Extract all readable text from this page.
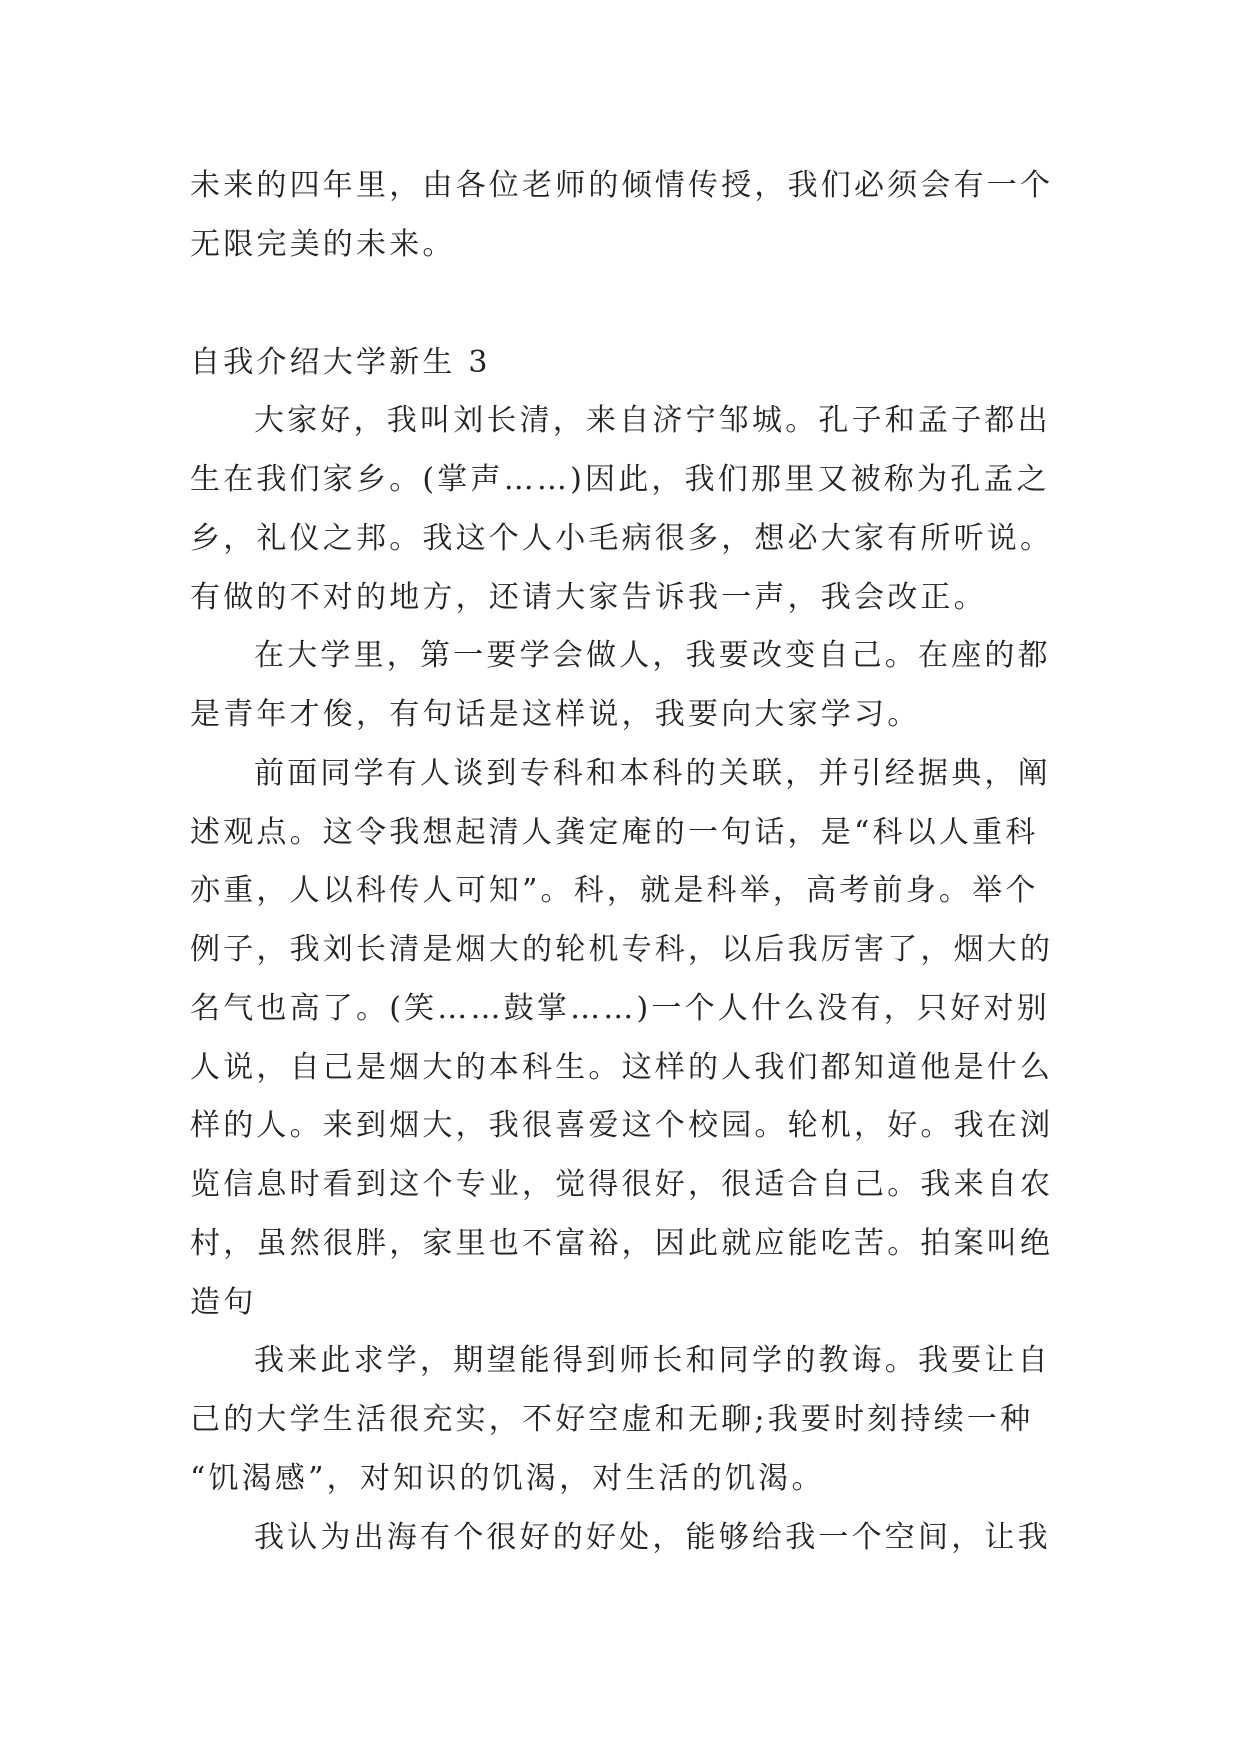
未来的四年里，由各位老师的倾情传授，我们必须会有一个
无限完美的未来。
自我介绍大学新生 3
大家好，我叫刘长清，来自济宁邹城。孔子和孟子都出
生在我们家乡。(掌声……)因此，我们那里又被称为孔孟之
乡，礼仪之邦。我这个人小毛病很多，想必大家有所听说。
有做的不对的地方，还请大家告诉我一声，我会改正。
在大学里，第一要学会做人，我要改变自己。在座的都
是青年才俊，有句话是这样说，我要向大家学习。
前面同学有人谈到专科和本科的关联，并引经据典，阐
述观点。这令我想起清人龚定庵的一句话，是“科以人重科
亦重，人以科传人可知”。科，就是科举，高考前身。举个
例子，我刘长清是烟大的轮机专科，以后我厉害了，烟大的
名气也高了。(笑……鼓掌……)一个人什么没有，只好对别
人说，自己是烟大的本科生。这样的人我们都知道他是什么
样的人。来到烟大，我很喜爱这个校园。轮机，好。我在浏
览信息时看到这个专业，觉得很好，很适合自己。我来自农
村，虽然很胖，家里也不富裕，因此就应能吃苦。拍案叫绝
造句
我来此求学，期望能得到师长和同学的教诲。我要让自
己的大学生活很充实，不好空虚和无聊;我要时刻持续一种
“饥渴感”，对知识的饥渴，对生活的饥渴。
我认为出海有个很好的好处，能够给我一个空间，让我
